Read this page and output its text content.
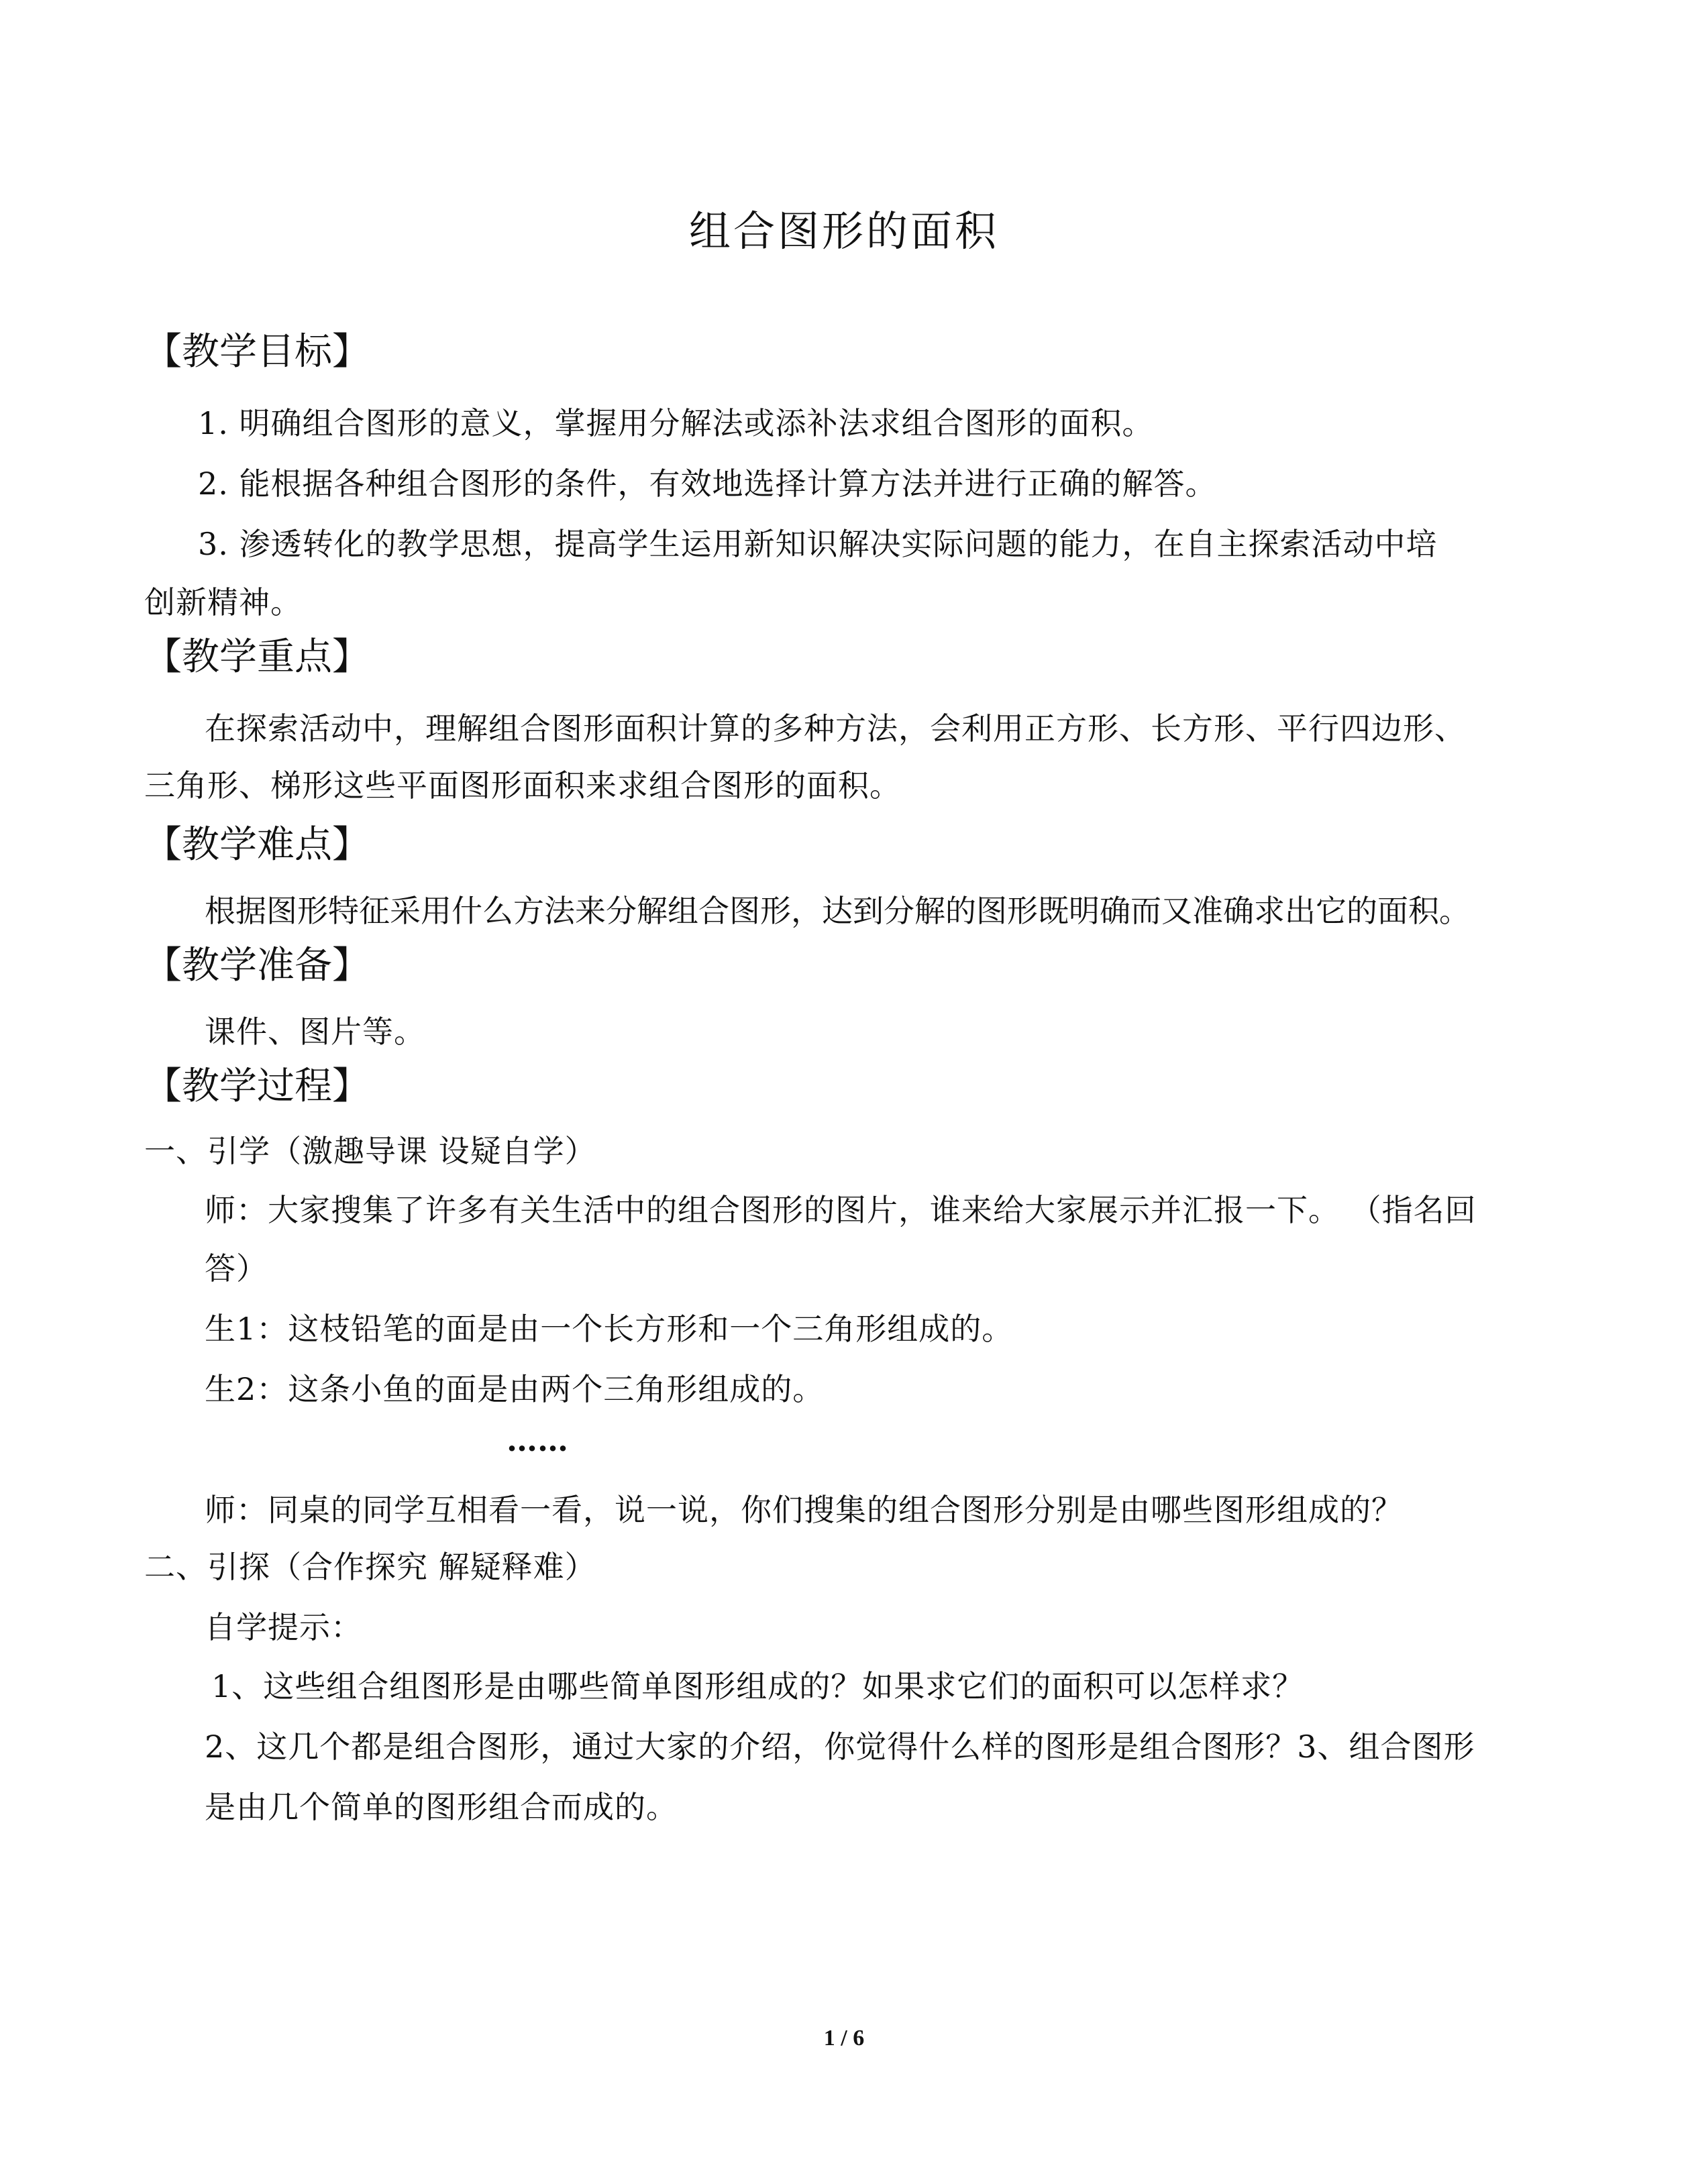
组合图形的面积
【教学目标】
1. 明确组合图形的意义，掌握用分解法或添补法求组合图形的面积。
2. 能根据各种组合图形的条件，有效地选择计算方法并进行正确的解答。
3. 渗透转化的教学思想，提高学生运用新知识解决实际问题的能力，在自主探索活动中培
创新精神。
【教学重点】
在探索活动中，理解组合图形面积计算的多种方法，会利用正方形、长方形、平行四边形、
三角形、梯形这些平面图形面积来求组合图形的面积。
【教学难点】
根据图形特征采用什么方法来分解组合图形，达到分解的图形既明确而又准确求出它的面积。
【教学准备】
课件、图片等。
【教学过程】
一、引学（激趣导课 设疑自学）
师：大家搜集了许多有关生活中的组合图形的图片，谁来给大家展示并汇报一下。 （指名回
答）
生1：这枝铅笔的面是由一个长方形和一个三角形组成的。
生2：这条小鱼的面是由两个三角形组成的。
……
师：同桌的同学互相看一看，说一说，你们搜集的组合图形分别是由哪些图形组成的？
二、引探（合作探究 解疑释难）
自学提示：
1、这些组合组图形是由哪些简单图形组成的？如果求它们的面积可以怎样求？
2、这几个都是组合图形，通过大家的介绍，你觉得什么样的图形是组合图形？3、组合图形
是由几个简单的图形组合而成的。
1 / 6
